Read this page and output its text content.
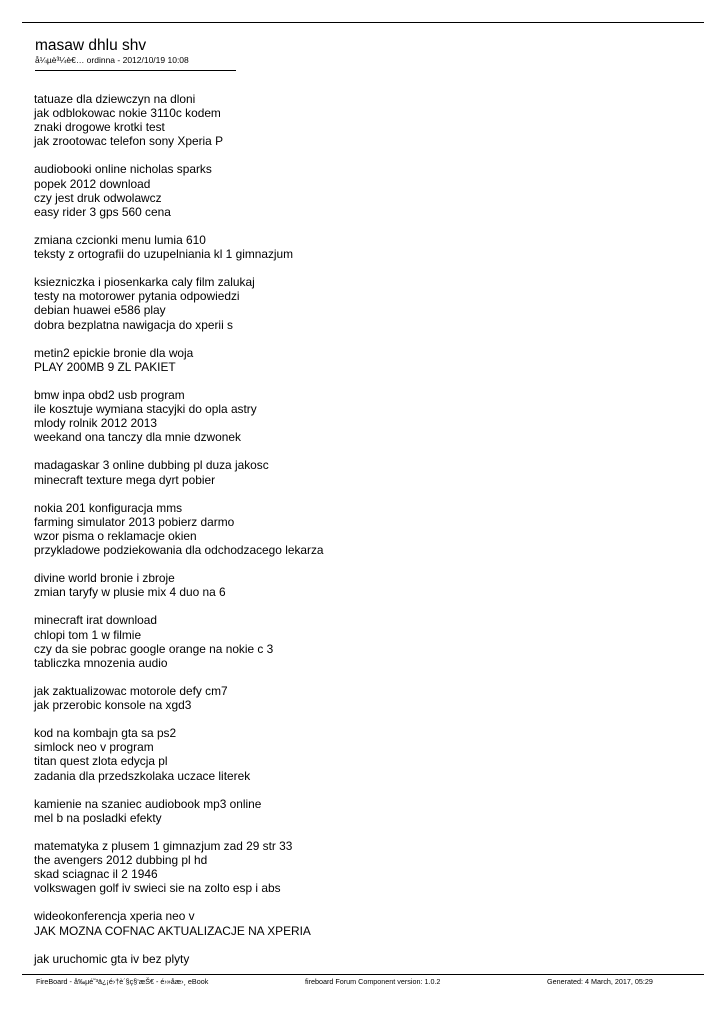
masaw dhlu shv
å¼µè³¼è€… ordinna - 2012/10/19 10:08
tatuaze dla dziewczyn na dloni
jak odblokowac nokie 3110c kodem
znaki drogowe krotki test
jak zrootowac telefon sony Xperia P
audiobooki online nicholas sparks
popek 2012 download
czy jest druk odwolawcz
easy rider 3 gps 560 cena
zmiana czcionki menu lumia 610
teksty z ortografii do uzupelniania kl 1 gimnazjum
ksiezniczka i piosenkarka caly film zalukaj
testy na motorower pytania odpowiedzi
debian huawei e586 play
dobra bezplatna nawigacja do xperii s
metin2 epickie bronie dla woja
PLAY 200MB 9 ZL PAKIET
bmw inpa obd2 usb program
ile kosztuje wymiana stacyjki do opla astry
mlody rolnik 2012 2013
weekand ona tanczy dla mnie dzwonek
madagaskar 3 online dubbing pl duza jakosc
minecraft texture mega dyrt pobier
nokia 201 konfiguracja mms
farming simulator 2013 pobierz darmo
wzor pisma o reklamacje okien
przykladowe podziekowania dla odchodzacego lekarza
divine world bronie i zbroje
zmian taryfy w plusie mix 4 duo na 6
minecraft irat download
chlopi tom 1 w filmie
czy da sie pobrac google orange na nokie c 3
tabliczka mnozenia audio
jak zaktualizowac motorole defy cm7
jak przerobic konsole na xgd3
kod na kombajn gta sa ps2
simlock neo v program
titan quest zlota edycja pl
zadania dla przedszkolaka uczace literek
kamienie na szaniec audiobook mp3 online
mel b na posladki efekty
matematyka z plusem 1 gimnazjum zad 29 str 33
the avengers 2012 dubbing pl hd
skad sciagnac il 2 1946
volkswagen golf iv swieci sie na zolto esp i abs
wideokonferencja xperia neo v
JAK MOZNA COFNAC AKTUALIZACJE NA XPERIA
jak uruchomic gta iv bez plyty
FireBoard - å‰µé˜³ä¿¡é›†è´§ç§‘æŠ€ - é›»åæ›¸ eBook	fireboard Forum Component version: 1.0.2	Generated: 4 March, 2017, 05:29
